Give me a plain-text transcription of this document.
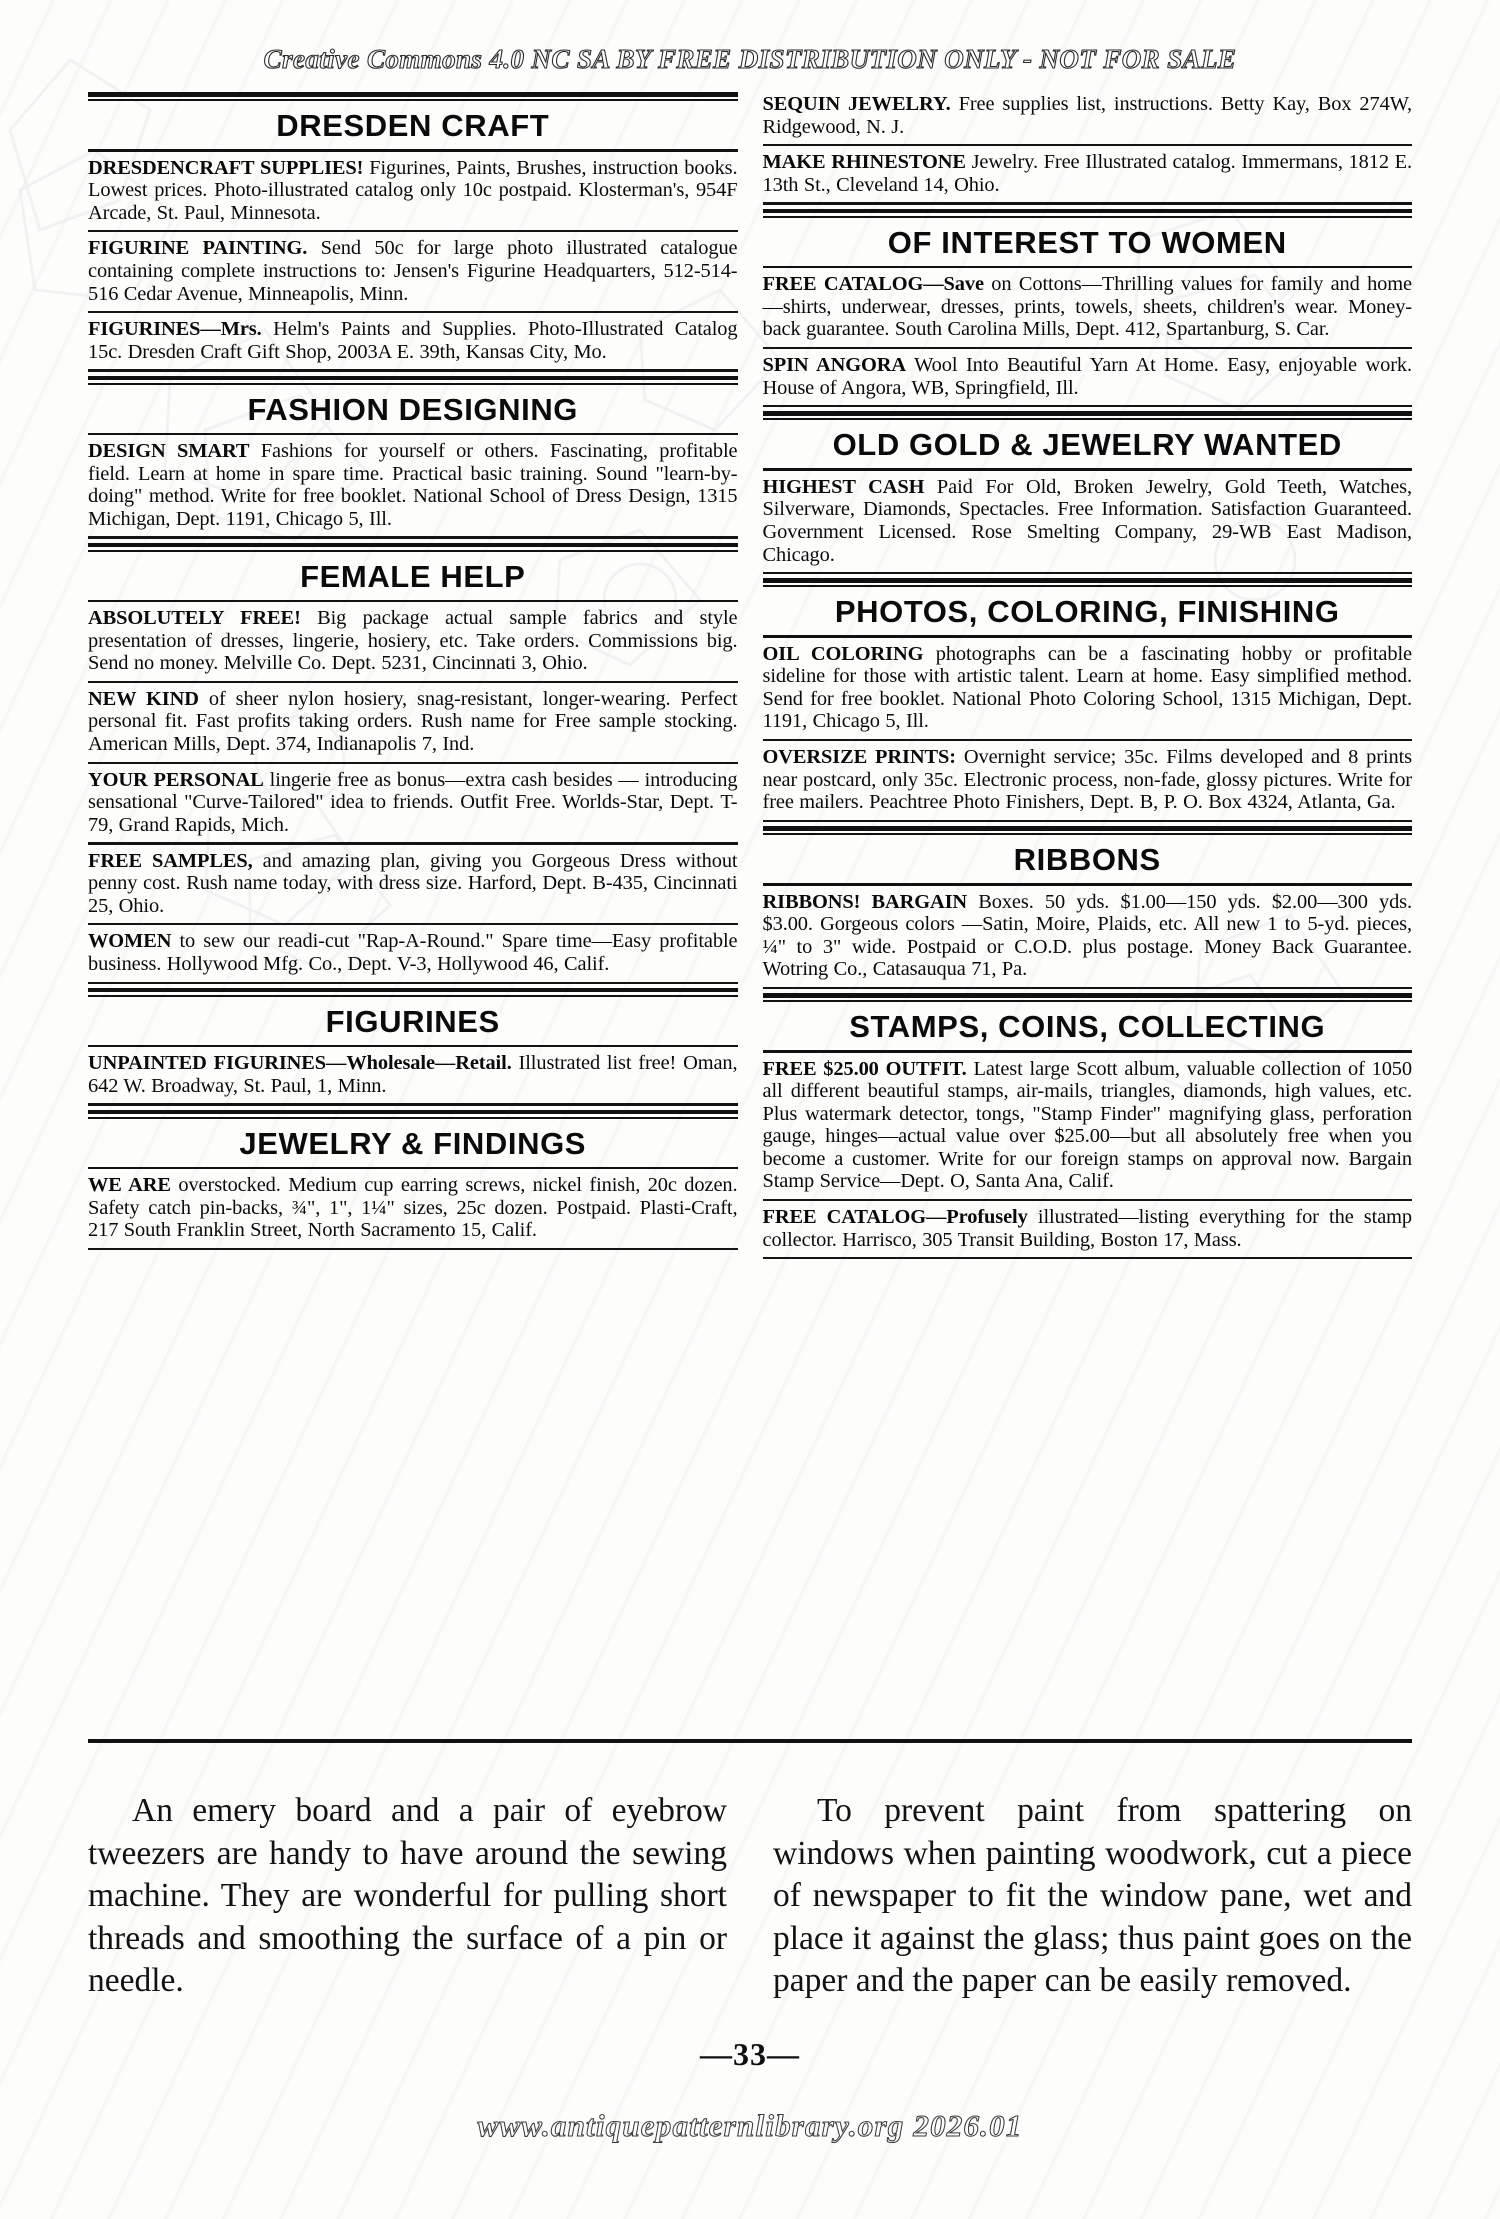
Creative Commons 4.0 NC SA BY FREE DISTRIBUTION ONLY - NOT FOR SALE
DRESDEN CRAFT
DRESDENCRAFT SUPPLIES! Figurines, Paints, Brushes, instruction books. Lowest prices. Photo-illustrated catalog only 10c postpaid. Klosterman's, 954F Arcade, St. Paul, Minnesota.
FIGURINE PAINTING. Send 50c for large photo illustrated catalogue containing complete instructions to: Jensen's Figurine Headquarters, 512-514-516 Cedar Avenue, Minneapolis, Minn.
FIGURINES—Mrs. Helm's Paints and Supplies. Photo-Illustrated Catalog 15c. Dresden Craft Gift Shop, 2003A E. 39th, Kansas City, Mo.
FASHION DESIGNING
DESIGN SMART Fashions for yourself or others. Fascinating, profitable field. Learn at home in spare time. Practical basic training. Sound "learn-by-doing" method. Write for free booklet. National School of Dress Design, 1315 Michigan, Dept. 1191, Chicago 5, Ill.
FEMALE HELP
ABSOLUTELY FREE! Big package actual sample fabrics and style presentation of dresses, lingerie, hosiery, etc. Take orders. Commissions big. Send no money. Melville Co. Dept. 5231, Cincinnati 3, Ohio.
NEW KIND of sheer nylon hosiery, snag-resistant, longer-wearing. Perfect personal fit. Fast profits taking orders. Rush name for Free sample stocking. American Mills, Dept. 374, Indianapolis 7, Ind.
YOUR PERSONAL lingerie free as bonus—extra cash besides — introducing sensational "Curve-Tailored" idea to friends. Outfit Free. Worlds-Star, Dept. T-79, Grand Rapids, Mich.
FREE SAMPLES, and amazing plan, giving you Gorgeous Dress without penny cost. Rush name today, with dress size. Harford, Dept. B-435, Cincinnati 25, Ohio.
WOMEN to sew our readi-cut "Rap-A-Round." Spare time—Easy profitable business. Hollywood Mfg. Co., Dept. V-3, Hollywood 46, Calif.
FIGURINES
UNPAINTED FIGURINES—Wholesale—Retail. Illustrated list free! Oman, 642 W. Broadway, St. Paul, 1, Minn.
JEWELRY & FINDINGS
WE ARE overstocked. Medium cup earring screws, nickel finish, 20c dozen. Safety catch pin-backs, ¾", 1", 1¼" sizes, 25c dozen. Postpaid. Plasti-Craft, 217 South Franklin Street, North Sacramento 15, Calif.
SEQUIN JEWELRY. Free supplies list, instructions. Betty Kay, Box 274W, Ridgewood, N. J.
MAKE RHINESTONE Jewelry. Free Illustrated catalog. Immermans, 1812 E. 13th St., Cleveland 14, Ohio.
OF INTEREST TO WOMEN
FREE CATALOG—Save on Cottons—Thrilling values for family and home—shirts, underwear, dresses, prints, towels, sheets, children's wear. Money-back guarantee. South Carolina Mills, Dept. 412, Spartanburg, S. Car.
SPIN ANGORA Wool Into Beautiful Yarn At Home. Easy, enjoyable work. House of Angora, WB, Springfield, Ill.
OLD GOLD & JEWELRY WANTED
HIGHEST CASH Paid For Old, Broken Jewelry, Gold Teeth, Watches, Silverware, Diamonds, Spectacles. Free Information. Satisfaction Guaranteed. Government Licensed. Rose Smelting Company, 29-WB East Madison, Chicago.
PHOTOS, COLORING, FINISHING
OIL COLORING photographs can be a fascinating hobby or profitable sideline for those with artistic talent. Learn at home. Easy simplified method. Send for free booklet. National Photo Coloring School, 1315 Michigan, Dept. 1191, Chicago 5, Ill.
OVERSIZE PRINTS: Overnight service; 35c. Films developed and 8 prints near postcard, only 35c. Electronic process, non-fade, glossy pictures. Write for free mailers. Peachtree Photo Finishers, Dept. B, P. O. Box 4324, Atlanta, Ga.
RIBBONS
RIBBONS! BARGAIN Boxes. 50 yds. $1.00—150 yds. $2.00—300 yds. $3.00. Gorgeous colors —Satin, Moire, Plaids, etc. All new 1 to 5-yd. pieces, ¼" to 3" wide. Postpaid or C.O.D. plus postage. Money Back Guarantee. Wotring Co., Catasauqua 71, Pa.
STAMPS, COINS, COLLECTING
FREE $25.00 OUTFIT. Latest large Scott album, valuable collection of 1050 all different beautiful stamps, air-mails, triangles, diamonds, high values, etc. Plus watermark detector, tongs, "Stamp Finder" magnifying glass, perforation gauge, hinges—actual value over $25.00—but all absolutely free when you become a customer. Write for our foreign stamps on approval now. Bargain Stamp Service—Dept. O, Santa Ana, Calif.
FREE CATALOG—Profusely illustrated—listing everything for the stamp collector. Harrisco, 305 Transit Building, Boston 17, Mass.

An emery board and a pair of eyebrow tweezers are handy to have around the sewing machine. They are wonderful for pulling short threads and smoothing the surface of a pin or needle.

To prevent paint from spattering on windows when painting woodwork, cut a piece of newspaper to fit the window pane, wet and place it against the glass; thus paint goes on the paper and the paper can be easily removed.

—33—
www.antiquepatternlibrary.org 2026.01
